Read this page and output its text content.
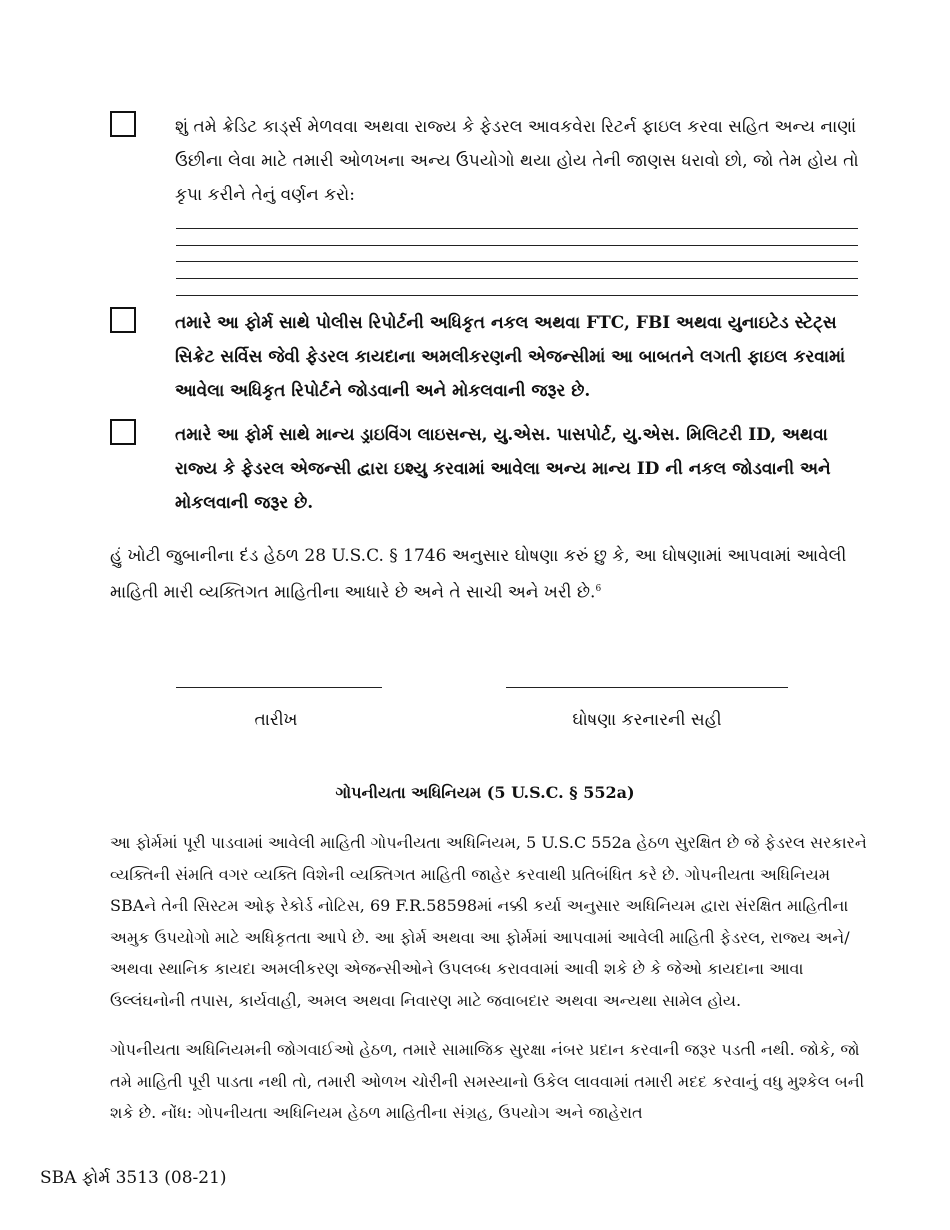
શું તમે ક્રેડિટ કાર્ડ્સ મેળવવા અથવા રાજ્ય કે ફેડરલ આવકવેરા રિટર્ન ફાઇલ કરવા સહિત અન્ય નાણાં ઉછીના લેવા માટે તમારી ઓળખના અન્ય ઉપયોગો થયા હોય તેની જાણસ ધરાવો છો, જો તેમ હોય તો કૃપા કરીને તેનું વર્ણન કરો:
તમારે આ ફોર્મ સાથે પોલીસ રિપોર્ટની અધિકૃત નકલ અથવા FTC, FBI અથવા યુનાઇટેડ સ્ટેટ્સ સિક્રેટ સર્વિસ જેવી ફેડરલ કાયદાના અમલીકરણની એજન્સીમાં આ બાબતને લગતી ફાઇલ કરવામાં આવેલા અધિકૃત રિપોર્ટને જોડવાની અને મોકલવાની જરૂર છે.
તમારે આ ફોર્મ સાથે માન્ય ડ્રાઇવિંગ લાઇસન્સ, યુ.એસ. પાસપોર્ટ, યુ.એસ. મિલિટરી ID, અથવા રાજ્ય કે ફેડરલ એજન્સી દ્વારા ઇશ્યુ કરવામાં આવેલા અન્ય માન્ય ID ની નકલ જોડવાની અને મોકલવાની જરૂર છે.
હું ખોટી જુબાનીના દંડ હેઠળ 28 U.S.C. § 1746 અનુસાર ઘોષણા કરું છુ કે, આ ઘોષણામાં આપવામાં આવેલી માહિતી મારી વ્યક્તિગત માહિતીના આધારે છે અને તે સાચી અને ખરી છે.$^6$
તારીખ	ઘોષણા કરનારની સહી
ગોપનીયતા અધિનિયમ (5 U.S.C. § 552a)
આ ફોર્મમાં પૂરી પાડવામાં આવેલી માહિતી ગોપનીયતા અધિનિયમ, 5 U.S.C 552a હેઠળ સુરક્ષિત છે જે ફેડરલ સરકારને વ્યક્તિની સંમતિ વગર વ્યક્તિ વિશેની વ્યક્તિગત માહિતી જાહેર કરવાથી પ્રતિબંધિત કરે છે. ગોપનીયતા અધિનિયમ SBAને તેની સિસ્ટમ ઓફ રેકોર્ડ નોટિસ, 69 F.R.58598માં નક્કી કર્યા અનુસાર અધિનિયમ દ્વારા સંરક્ષિત માહિતીના અમુક ઉપયોગો માટે અધિકૃતતા આપે છે. આ ફોર્મ અથવા આ ફોર્મમાં આપવામાં આવેલી માહિતી ફેડરલ, રાજ્ય અને/અથવા સ્થાનિક કાયદા અમલીકરણ એજન્સીઓને ઉપલબ્ધ કરાવવામાં આવી શકે છે કે જેઓ કાયદાના આવા ઉલ્લંઘનોની તપાસ, કાર્યવાહી, અમલ અથવા નિવારણ માટે જવાબદાર અથવા અન્યથા સામેલ હોય.
ગોપનીયતા અધિનિયમની જોગવાઈઓ હેઠળ, તમારે સામાજિક સુરક્ષા નંબર પ્રદાન કરવાની જરૂર પડતી નથી. જોકે, જો તમે માહિતી પૂરી પાડતા નથી તો, તમારી ઓળખ ચોરીની સમસ્યાનો ઉકેલ લાવવામાં તમારી મદદ કરવાનું વધુ મુશ્કેલ બની શકે છે. નોંધ: ગોપનીયતા અધિનિયમ હેઠળ માહિતીના સંગ્રહ, ઉપયોગ અને જાહેરાત
SBA ફોર્મ 3513 (08-21)
